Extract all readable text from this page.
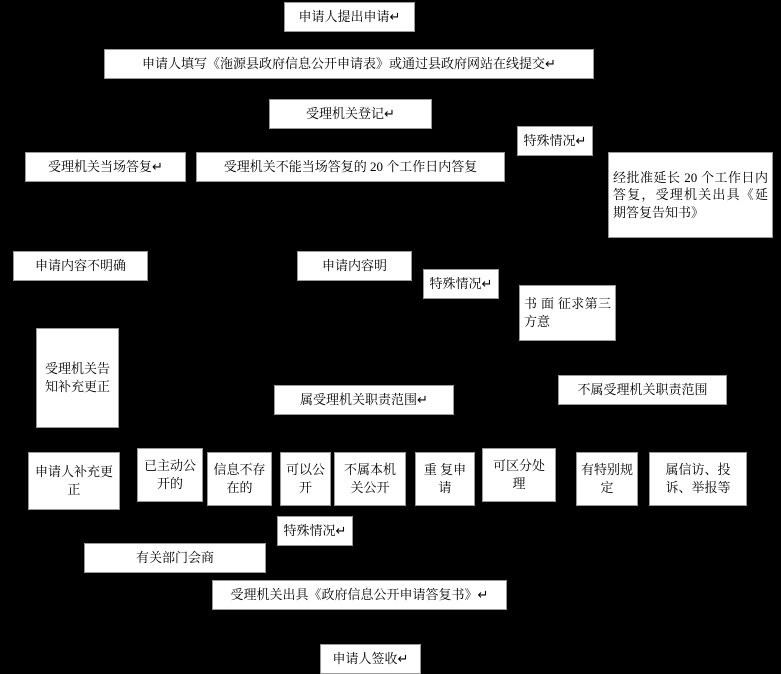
申请人提出申请↵
申请人填写《沲源县政府信息公开申请表》或通过县政府网站在线提交↵
受理机关登记↵
特殊情况↵
受理机关当场答复↵	受理机关不能当场答复的 20 个工作日内答复
经批准延长 20 个工作日内答复，受理机关出具《延期答复告知书》
申请内容不明确	申请内容明
特殊情况↵
书 面 征求第三方意
受理机关告知补充更正
属受理机关职责范围↵
不属受理机关职责范围
申请人补充更正
已主动公开的
信息不存在的
可以公开
不属本机关公开
重 复申请
可区分处理
有特别规定
属信访、投诉、举报等
特殊情况↵
有关部门会商
受理机关出具《政府信息公开申请答复书》↵
申请人签收↵
